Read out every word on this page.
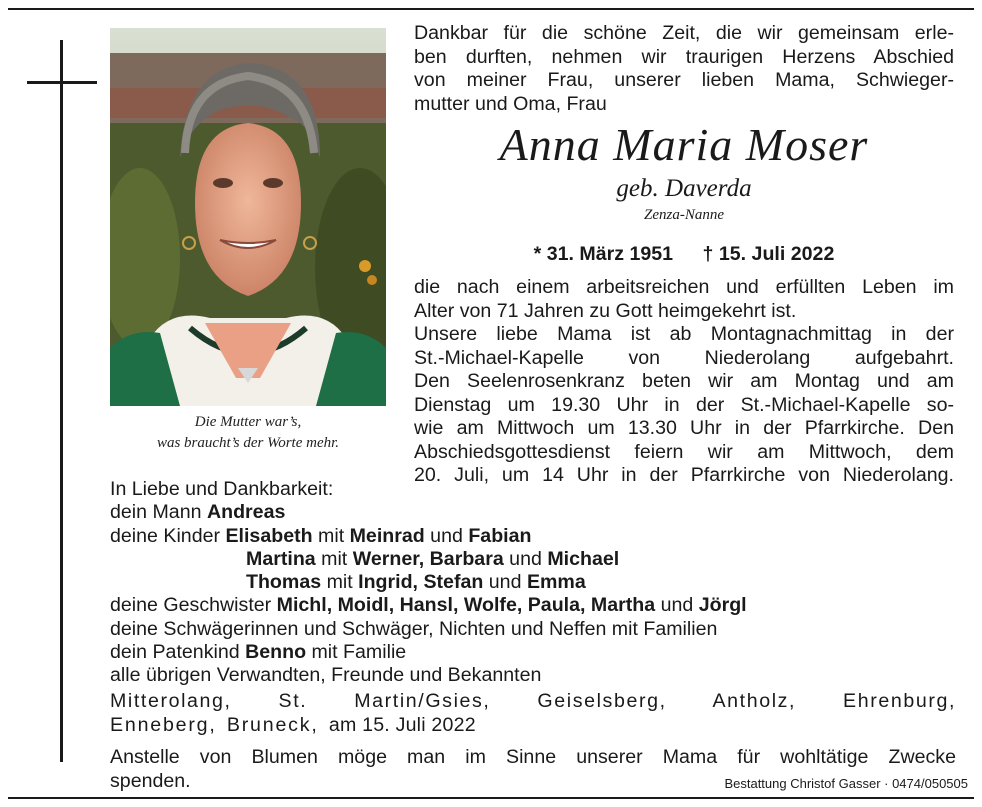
Die Mutter war’s,
was braucht’s der Worte mehr.
Dankbar für die schöne Zeit, die wir gemeinsam erle-
ben durften, nehmen wir traurigen Herzens Abschied
von meiner Frau, unserer lieben Mama, Schwieger-
mutter und Oma, Frau
Anna Maria Moser
geb. Daverda
Zenza-Nanne
* 31. März 1951 † 15. Juli 2022
die nach einem arbeitsreichen und erfüllten Leben im
Alter von 71 Jahren zu Gott heimgekehrt ist.
Unsere liebe Mama ist ab Montagnachmittag in der
St.-Michael-Kapelle von Niederolang aufgebahrt.
Den Seelenrosenkranz beten wir am Montag und am
Dienstag um 19.30 Uhr in der St.-Michael-Kapelle so-
wie am Mittwoch um 13.30 Uhr in der Pfarrkirche. Den
Abschiedsgottesdienst feiern wir am Mittwoch, dem
20. Juli, um 14 Uhr in der Pfarrkirche von Niederolang.
In Liebe und Dankbarkeit:
dein Mann Andreas
deine Kinder Elisabeth mit Meinrad und Fabian
Martina mit Werner, Barbara und Michael
Thomas mit Ingrid, Stefan und Emma
deine Geschwister Michl, Moidl, Hansl, Wolfe, Paula, Martha und Jörgl
deine Schwägerinnen und Schwäger, Nichten und Neffen mit Familien
dein Patenkind Benno mit Familie
alle übrigen Verwandten, Freunde und Bekannten
Mitterolang, St. Martin/Gsies, Geiselsberg, Antholz, Ehrenburg,
Enneberg, Bruneck, am 15. Juli 2022
Anstelle von Blumen möge man im Sinne unserer Mama für wohltätige Zwecke
spenden.	Bestattung Christof Gasser · 0474/050505
